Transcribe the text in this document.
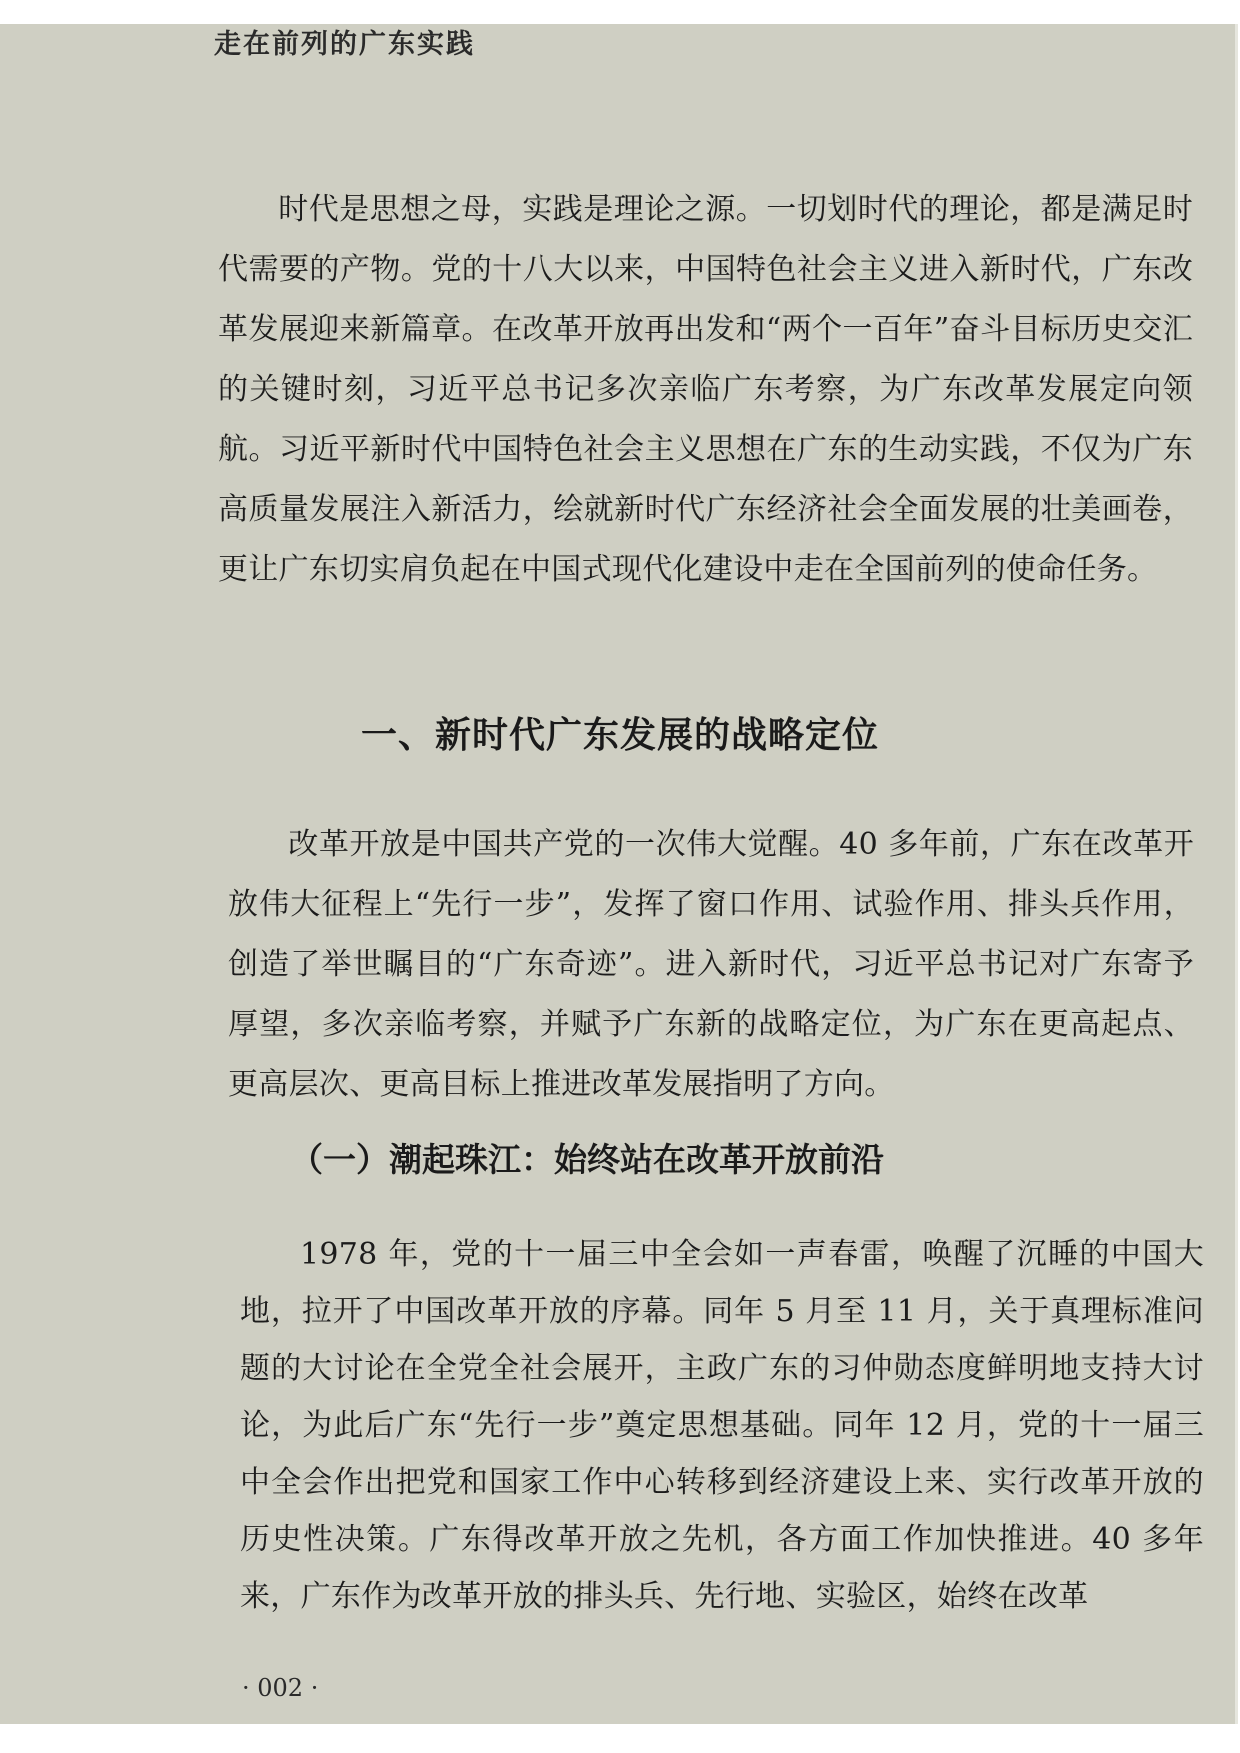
走在前列的广东实践

时代是思想之母，实践是理论之源。一切划时代的理论，都是满足时代需要的产物。党的十八大以来，中国特色社会主义进入新时代，广东改革发展迎来新篇章。在改革开放再出发和“两个一百年”奋斗目标历史交汇的关键时刻，习近平总书记多次亲临广东考察，为广东改革发展定向领航。习近平新时代中国特色社会主义思想在广东的生动实践，不仅为广东高质量发展注入新活力，绘就新时代广东经济社会全面发展的壮美画卷，更让广东切实肩负起在中国式现代化建设中走在全国前列的使命任务。

一、新时代广东发展的战略定位

改革开放是中国共产党的一次伟大觉醒。40 多年前，广东在改革开放伟大征程上“先行一步”，发挥了窗口作用、试验作用、排头兵作用，创造了举世瞩目的“广东奇迹”。进入新时代，习近平总书记对广东寄予厚望，多次亲临考察，并赋予广东新的战略定位，为广东在更高起点、更高层次、更高目标上推进改革发展指明了方向。

（一）潮起珠江：始终站在改革开放前沿

1978 年，党的十一届三中全会如一声春雷，唤醒了沉睡的中国大地，拉开了中国改革开放的序幕。同年 5 月至 11 月，关于真理标准问题的大讨论在全党全社会展开，主政广东的习仲勋态度鲜明地支持大讨论，为此后广东“先行一步”奠定思想基础。同年 12 月，党的十一届三中全会作出把党和国家工作中心转移到经济建设上来、实行改革开放的历史性决策。广东得改革开放之先机，各方面工作加快推进。40 多年来，广东作为改革开放的排头兵、先行地、实验区，始终在改革

· 002 ·
